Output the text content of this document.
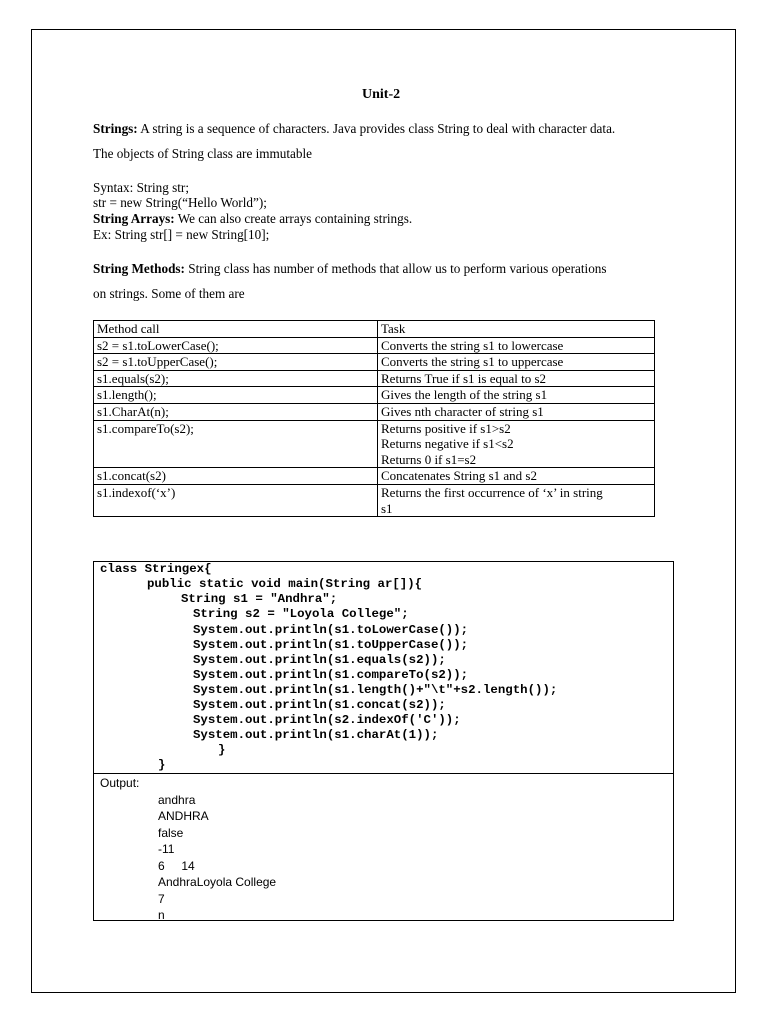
Unit-2
Strings: A string is a sequence of characters. Java provides class String to deal with character data.
The objects of String class are immutable
Syntax: String str;
str = new String(“Hello World”);
String Arrays: We can also create arrays containing strings.
Ex: String str[] = new String[10];
String Methods: String class has number of methods that allow us to perform various operations
on strings. Some of them are
Method call	Task
s2 = s1.toLowerCase();	Converts the string s1 to lowercase
s2 = s1.toUpperCase();	Converts the string s1 to uppercase
s1.equals(s2);	Returns True if s1 is equal to s2
s1.length();	Gives the length of the string s1
s1.CharAt(n);	Gives nth character of string s1
s1.compareTo(s2);	Returns positive if s1>s2
Returns negative if s1<s2
Returns 0 if s1=s2

s1.concat(s2)	Concatenates String s1 and s2
s1.indexof(‘x’)	Returns the first occurrence of ‘x’ in string
s1
class Stringex{
public static void main(String ar[]){
String s1 = "Andhra";
String s2 = "Loyola College";
System.out.println(s1.toLowerCase());
System.out.println(s1.toUpperCase());
System.out.println(s1.equals(s2));
System.out.println(s1.compareTo(s2));
System.out.println(s1.length()+"\t"+s2.length());
System.out.println(s1.concat(s2));
System.out.println(s2.indexOf('C'));
System.out.println(s1.charAt(1));
}
}
Output:
andhra
ANDHRA
false
-11
6     14
AndhraLoyola College
7
n
